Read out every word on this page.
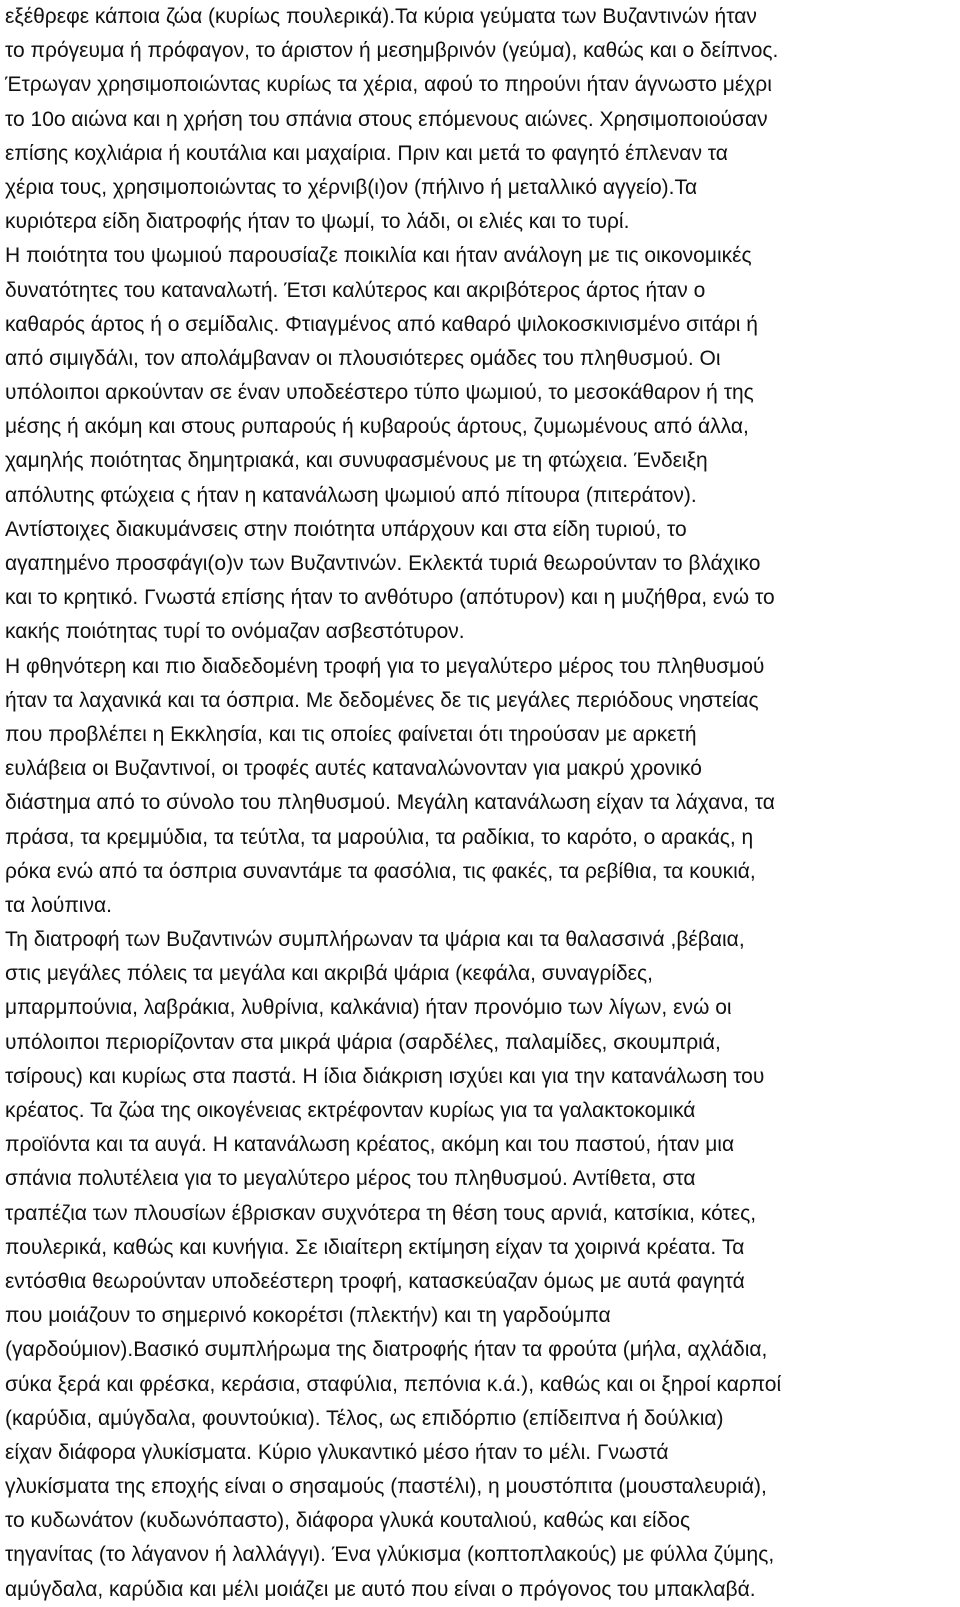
εξέθρεφε κάποια ζώα (κυρίως πουλερικά).Τα κύρια γεύματα των Βυζαντινών ήταν
το πρόγευμα ή πρόφαγον, το άριστον ή μεσημβρινόν (γεύμα), καθώς και ο δείπνος.
Έτρωγαν χρησιμοποιώντας κυρίως τα χέρια, αφού το πηρούνι ήταν άγνωστο μέχρι
το 10ο αιώνα και η χρήση του σπάνια στους επόμενους αιώνες. Χρησιμοποιούσαν
επίσης κοχλιάρια ή κουτάλια και μαχαίρια. Πριν και μετά το φαγητό έπλεναν τα
χέρια τους, χρησιμοποιώντας το χέρνιβ(ι)ον (πήλινο ή μεταλλικό αγγείο).Τα
κυριότερα είδη διατροφής ήταν το ψωμί, το λάδι, οι ελιές και το τυρί.
Η ποιότητα του ψωμιού παρουσίαζε ποικιλία και ήταν ανάλογη με τις οικονομικές
δυνατότητες του καταναλωτή. Έτσι καλύτερος και ακριβότερος άρτος ήταν ο
καθαρός άρτος ή ο σεμίδαλις. Φτιαγμένος από καθαρό ψιλοκοσκινισμένο σιτάρι ή
από σιμιγδάλι, τον απολάμβαναν οι πλουσιότερες ομάδες του πληθυσμού. Οι
υπόλοιποι αρκούνταν σε έναν υποδεέστερο τύπο ψωμιού, το μεσοκάθαρον ή της
μέσης ή ακόμη και στους ρυπαρούς ή κυβαρούς άρτους, ζυμωμένους από άλλα,
χαμηλής ποιότητας δημητριακά, και συνυφασμένους με τη φτώχεια. Ένδειξη
απόλυτης φτώχεια ς ήταν η κατανάλωση ψωμιού από πίτουρα (πιτεράτον).
Αντίστοιχες διακυμάνσεις στην ποιότητα υπάρχουν και στα είδη τυριού, το
αγαπημένο προσφάγι(ο)ν των Βυζαντινών. Εκλεκτά τυριά θεωρούνταν το βλάχικο
και το κρητικό. Γνωστά επίσης ήταν το ανθότυρο (απότυρον) και η μυζήθρα, ενώ το
κακής ποιότητας τυρί το ονόμαζαν ασβεστότυρον.
Η φθηνότερη και πιο διαδεδομένη τροφή για το μεγαλύτερο μέρος του πληθυσμού
ήταν τα λαχανικά και τα όσπρια. Με δεδομένες δε τις μεγάλες περιόδους νηστείας
που προβλέπει η Εκκλησία, και τις οποίες φαίνεται ότι τηρούσαν με αρκετή
ευλάβεια οι Βυζαντινοί, οι τροφές αυτές καταναλώνονταν για μακρύ χρονικό
διάστημα από το σύνολο του πληθυσμού. Μεγάλη κατανάλωση είχαν τα λάχανα, τα
πράσα, τα κρεμμύδια, τα τεύτλα, τα μαρούλια, τα ραδίκια, το καρότο, ο αρακάς, η
ρόκα ενώ από τα όσπρια συναντάμε τα φασόλια, τις φακές, τα ρεβίθια, τα κουκιά,
τα λούπινα.
Τη διατροφή των Βυζαντινών συμπλήρωναν τα ψάρια και τα θαλασσινά ,βέβαια,
στις μεγάλες πόλεις τα μεγάλα και ακριβά ψάρια (κεφάλα, συναγρίδες,
μπαρμπούνια, λαβράκια, λυθρίνια, καλκάνια) ήταν προνόμιο των λίγων, ενώ οι
υπόλοιποι περιορίζονταν στα μικρά ψάρια (σαρδέλες, παλαμίδες, σκουμπριά,
τσίρους) και κυρίως στα παστά. Η ίδια διάκριση ισχύει και για την κατανάλωση του
κρέατος. Τα ζώα της οικογένειας εκτρέφονταν κυρίως για τα γαλακτοκομικά
προϊόντα και τα αυγά. Η κατανάλωση κρέατος, ακόμη και του παστού, ήταν μια
σπάνια πολυτέλεια για το μεγαλύτερο μέρος του πληθυσμού. Αντίθετα, στα
τραπέζια των πλουσίων έβρισκαν συχνότερα τη θέση τους αρνιά, κατσίκια, κότες,
πουλερικά, καθώς και κυνήγια. Σε ιδιαίτερη εκτίμηση είχαν τα χοιρινά κρέατα. Τα
εντόσθια θεωρούνταν υποδεέστερη τροφή, κατασκεύαζαν όμως με αυτά φαγητά
που μοιάζουν το σημερινό κοκορέτσι (πλεκτήν) και τη γαρδούμπα
(γαρδούμιον).Βασικό συμπλήρωμα της διατροφής ήταν τα φρούτα (μήλα, αχλάδια,
σύκα ξερά και φρέσκα, κεράσια, σταφύλια, πεπόνια κ.ά.), καθώς και οι ξηροί καρποί
(καρύδια, αμύγδαλα, φουντούκια). Τέλος, ως επιδόρπιο (επίδειπνα ή δούλκια)
είχαν διάφορα γλυκίσματα. Κύριο γλυκαντικό μέσο ήταν το μέλι. Γνωστά
γλυκίσματα της εποχής είναι ο σησαμούς (παστέλι), η μουστόπιτα (μουσταλευριά),
το κυδωνάτον (κυδωνόπαστο), διάφορα γλυκά κουταλιού, καθώς και είδος
τηγανίτας (το λάγανον ή λαλλάγγι). Ένα γλύκισμα (κοπτοπλακούς) με φύλλα ζύμης,
αμύγδαλα, καρύδια και μέλι μοιάζει με αυτό που είναι ο πρόγονος του μπακλαβά.
